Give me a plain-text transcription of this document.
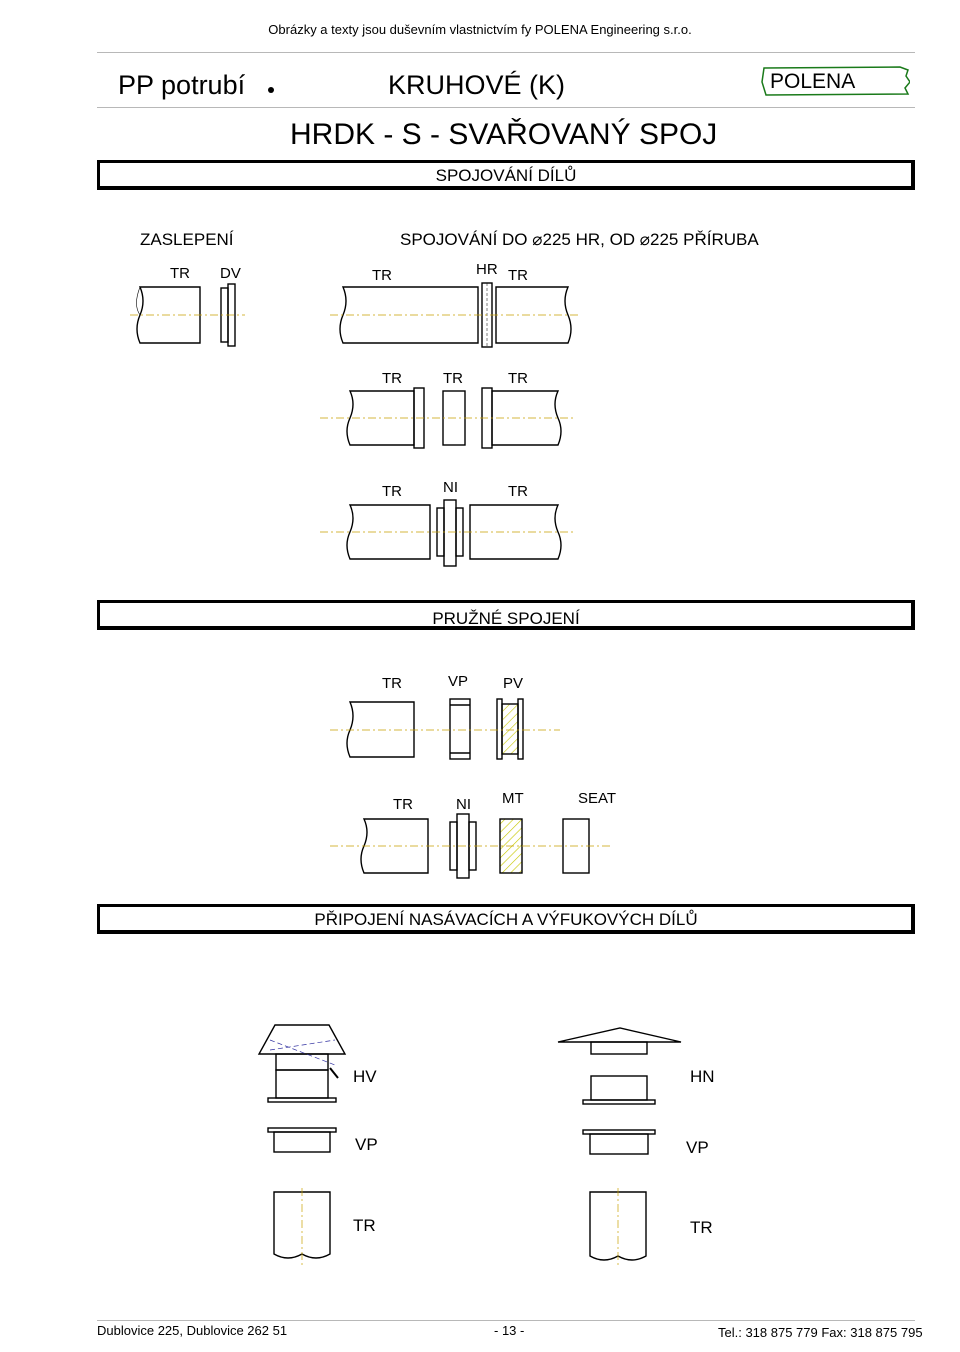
Obrázky a texty jsou duševním vlastnictvím fy POLENA Engineering s.r.o.
PP potrubí	KRUHOVÉ (K)	POLENA
HRDK - S - SVAŘOVANÝ SPOJ
SPOJOVÁNÍ DÍLŮ
ZASLEPENÍ	SPOJOVÁNÍ DO ⌀225 HR, OD ⌀225 PŘÍRUBA
TR DV	TR	HR TR
TR	TR	TR
TR	NI	TR
PRUŽNÉ SPOJENÍ
TR	VP PV
TR	NI MT	SEAT
PŘIPOJENÍ NASÁVACÍCH A VÝFUKOVÝCH DÍLŮ
HV
VP
TR
HN
VP
TR
Dublovice 225, Dublovice 262 51	- 13 -	Tel.: 318 875 779 Fax: 318 875 795
